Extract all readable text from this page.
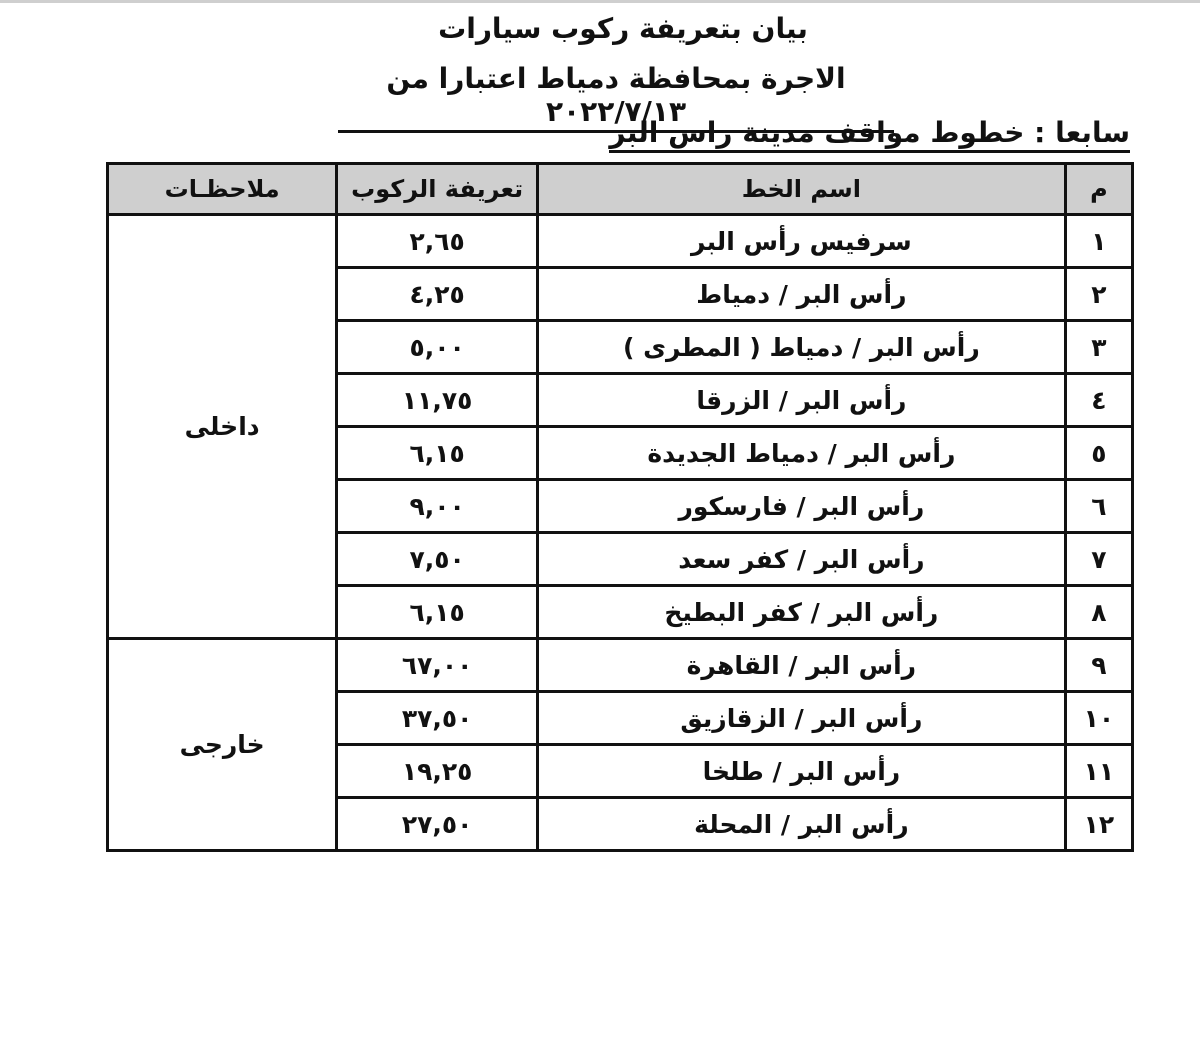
بيان بتعريفة ركوب سيارات
الاجرة بمحافظة دمياط اعتبارا من ٢٠٢٢/٧/١٣
سابعا : خطوط مواقف مدينة راس البر
م	اسم الخط	تعريفة الركوب	ملاحظـات
١	سرفيس رأس البر	٢,٦٥	داخلى
٢	رأس البر / دمياط	٤,٢٥	
٣	رأس البر / دمياط ( المطرى )	٥,٠٠	
٤	رأس البر / الزرقا	١١,٧٥	
٥	رأس البر / دمياط الجديدة	٦,١٥	
٦	رأس البر / فارسكور	٩,٠٠	
٧	رأس البر / كفر سعد	٧,٥٠	
٨	رأس البر / كفر البطيخ	٦,١٥	
٩	رأس البر / القاهرة	٦٧,٠٠	خارجى
١٠	رأس البر / الزقازيق	٣٧,٥٠	
١١	رأس البر / طلخا	١٩,٢٥	
١٢	رأس البر / المحلة	٢٧,٥٠	
